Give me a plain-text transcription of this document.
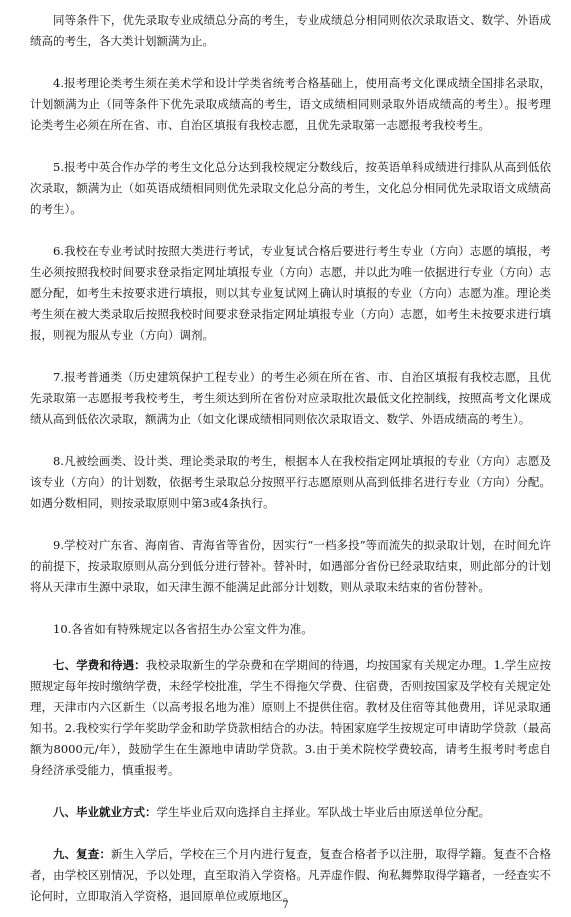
同等条件下，优先录取专业成绩总分高的考生，专业成绩总分相同则依次录取语文、数学、外语成绩高的考生，各大类计划额满为止。

4.报考理论类考生须在美术学和设计学类省统考合格基础上，使用高考文化课成绩全国排名录取，计划额满为止（同等条件下优先录取成绩高的考生，语文成绩相同则录取外语成绩高的考生）。报考理论类考生必须在所在省、市、自治区填报有我校志愿，且优先录取第一志愿报考我校考生。

5.报考中英合作办学的考生文化总分达到我校规定分数线后，按英语单科成绩进行排队从高到低依次录取，额满为止（如英语成绩相同则优先录取文化总分高的考生，文化总分相同优先录取语文成绩高的考生）。

6.我校在专业考试时按照大类进行考试，专业复试合格后要进行考生专业（方向）志愿的填报，考生必须按照我校时间要求登录指定网址填报专业（方向）志愿，并以此为唯一依据进行专业（方向）志愿分配，如考生未按要求进行填报，则以其专业复试网上确认时填报的专业（方向）志愿为准。理论类考生须在被大类录取后按照我校时间要求登录指定网址填报专业（方向）志愿，如考生未按要求进行填报，则视为服从专业（方向）调剂。

7.报考普通类（历史建筑保护工程专业）的考生必须在所在省、市、自治区填报有我校志愿，且优先录取第一志愿报考我校考生，考生须达到所在省份对应录取批次最低文化控制线，按照高考文化课成绩从高到低依次录取，额满为止（如文化课成绩相同则依次录取语文、数学、外语成绩高的考生）。

8.凡被绘画类、设计类、理论类录取的考生，根据本人在我校指定网址填报的专业（方向）志愿及该专业（方向）的计划数，依据考生录取总分按照平行志愿原则从高到低排名进行专业（方向）分配。如遇分数相同，则按录取原则中第3或4条执行。

9.学校对广东省、海南省、青海省等省份，因实行“一档多投”等而流失的拟录取计划，在时间允许的前提下，按录取原则从高分到低分进行替补。替补时，如遇部分省份已经录取结束，则此部分的计划将从天津市生源中录取，如天津生源不能满足此部分计划数，则从录取未结束的省份替补。

10.各省如有特殊规定以各省招生办公室文件为准。

七、学费和待遇：我校录取新生的学杂费和在学期间的待遇，均按国家有关规定办理。1.学生应按照规定每年按时缴纳学费，未经学校批准，学生不得拖欠学费、住宿费，否则按国家及学校有关规定处理，天津市内六区新生（以高考报名地为准）原则上不提供住宿。教材及住宿等其他费用，详见录取通知书。2.我校实行学年奖助学金和助学贷款相结合的办法。特困家庭学生按规定可申请助学贷款（最高额为8000元/年），鼓励学生在生源地申请助学贷款。3.由于美术院校学费较高，请考生报考时考虑自身经济承受能力，慎重报考。

八、毕业就业方式：学生毕业后双向选择自主择业。军队战士毕业后由原送单位分配。

九、复查：新生入学后，学校在三个月内进行复查，复查合格者予以注册，取得学籍。复查不合格者，由学校区别情况，予以处理，直至取消入学资格。凡弄虚作假、徇私舞弊取得学籍者，一经查实不论何时，立即取消入学资格，退回原单位或原地区。

7
